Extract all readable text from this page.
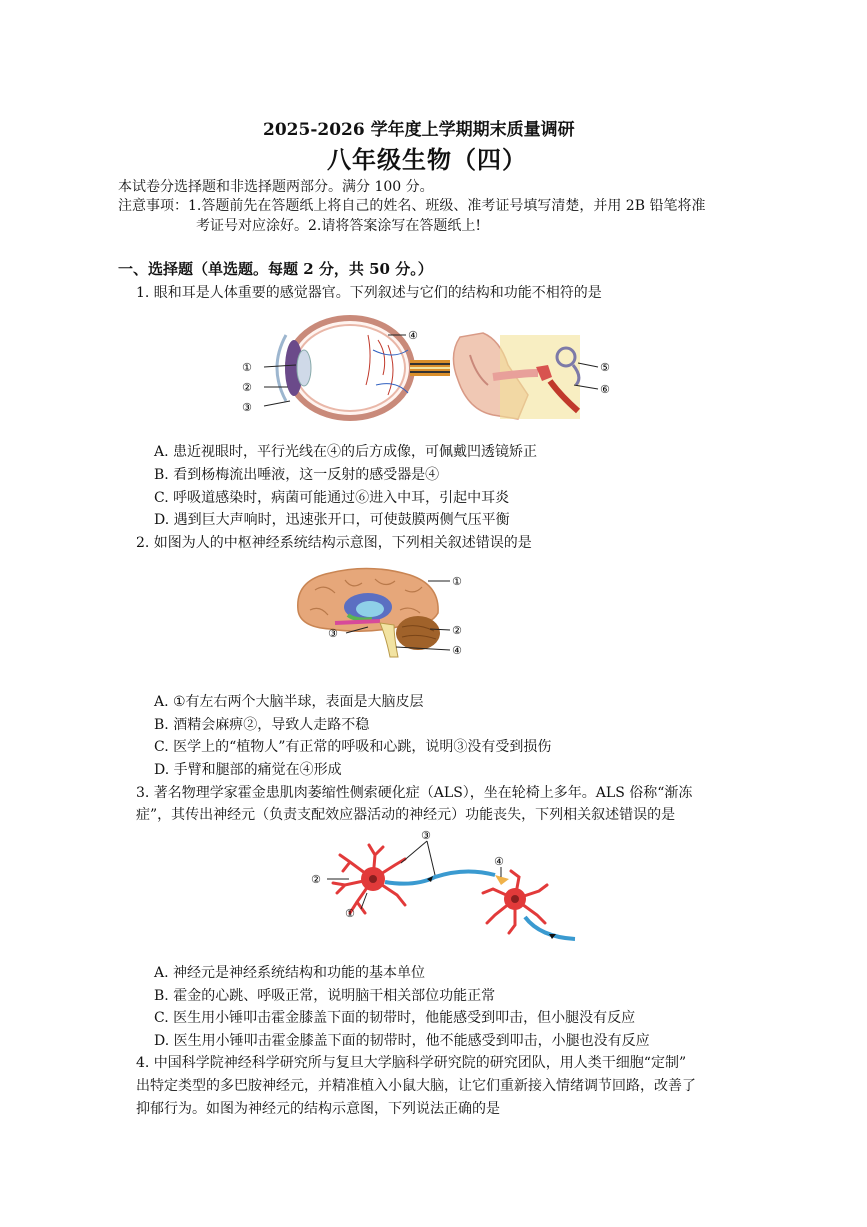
2025-2026 学年度上学期期末质量调研
八年级生物（四）
本试卷分选择题和非选择题两部分。满分 100 分。
注意事项：1.答题前先在答题纸上将自己的姓名、班级、准考证号填写清楚，并用 2B 铅笔将准
考证号对应涂好。2.请将答案涂写在答题纸上!
一、选择题（单选题。每题 2 分，共 50 分。）
1. 眼和耳是人体重要的感觉器官。下列叙述与它们的结构和功能不相符的是
①
②
③
④
⑤
⑥
A. 患近视眼时，平行光线在④的后方成像，可佩戴凹透镜矫正
B. 看到杨梅流出唾液，这一反射的感受器是④
C. 呼吸道感染时，病菌可能通过⑥进入中耳，引起中耳炎
D. 遇到巨大声响时，迅速张开口，可使鼓膜两侧气压平衡
2. 如图为人的中枢神经系统结构示意图，下列相关叙述错误的是
①
②
③
④
A. ①有左右两个大脑半球，表面是大脑皮层
B. 酒精会麻痹②，导致人走路不稳
C. 医学上的“植物人”有正常的呼吸和心跳，说明③没有受到损伤
D. 手臂和腿部的痛觉在④形成
3. 著名物理学家霍金患肌肉萎缩性侧索硬化症（ALS），坐在轮椅上多年。ALS 俗称“渐冻
症”，其传出神经元（负责支配效应器活动的神经元）功能丧失，下列相关叙述错误的是
②
①
③
④
A. 神经元是神经系统结构和功能的基本单位
B. 霍金的心跳、呼吸正常，说明脑干相关部位功能正常
C. 医生用小锤叩击霍金膝盖下面的韧带时，他能感受到叩击，但小腿没有反应
D. 医生用小锤叩击霍金膝盖下面的韧带时，他不能感受到叩击，小腿也没有反应
4. 中国科学院神经科学研究所与复旦大学脑科学研究院的研究团队，用人类干细胞“定制”
出特定类型的多巴胺神经元，并精准植入小鼠大脑，让它们重新接入情绪调节回路，改善了
抑郁行为。如图为神经元的结构示意图，下列说法正确的是
